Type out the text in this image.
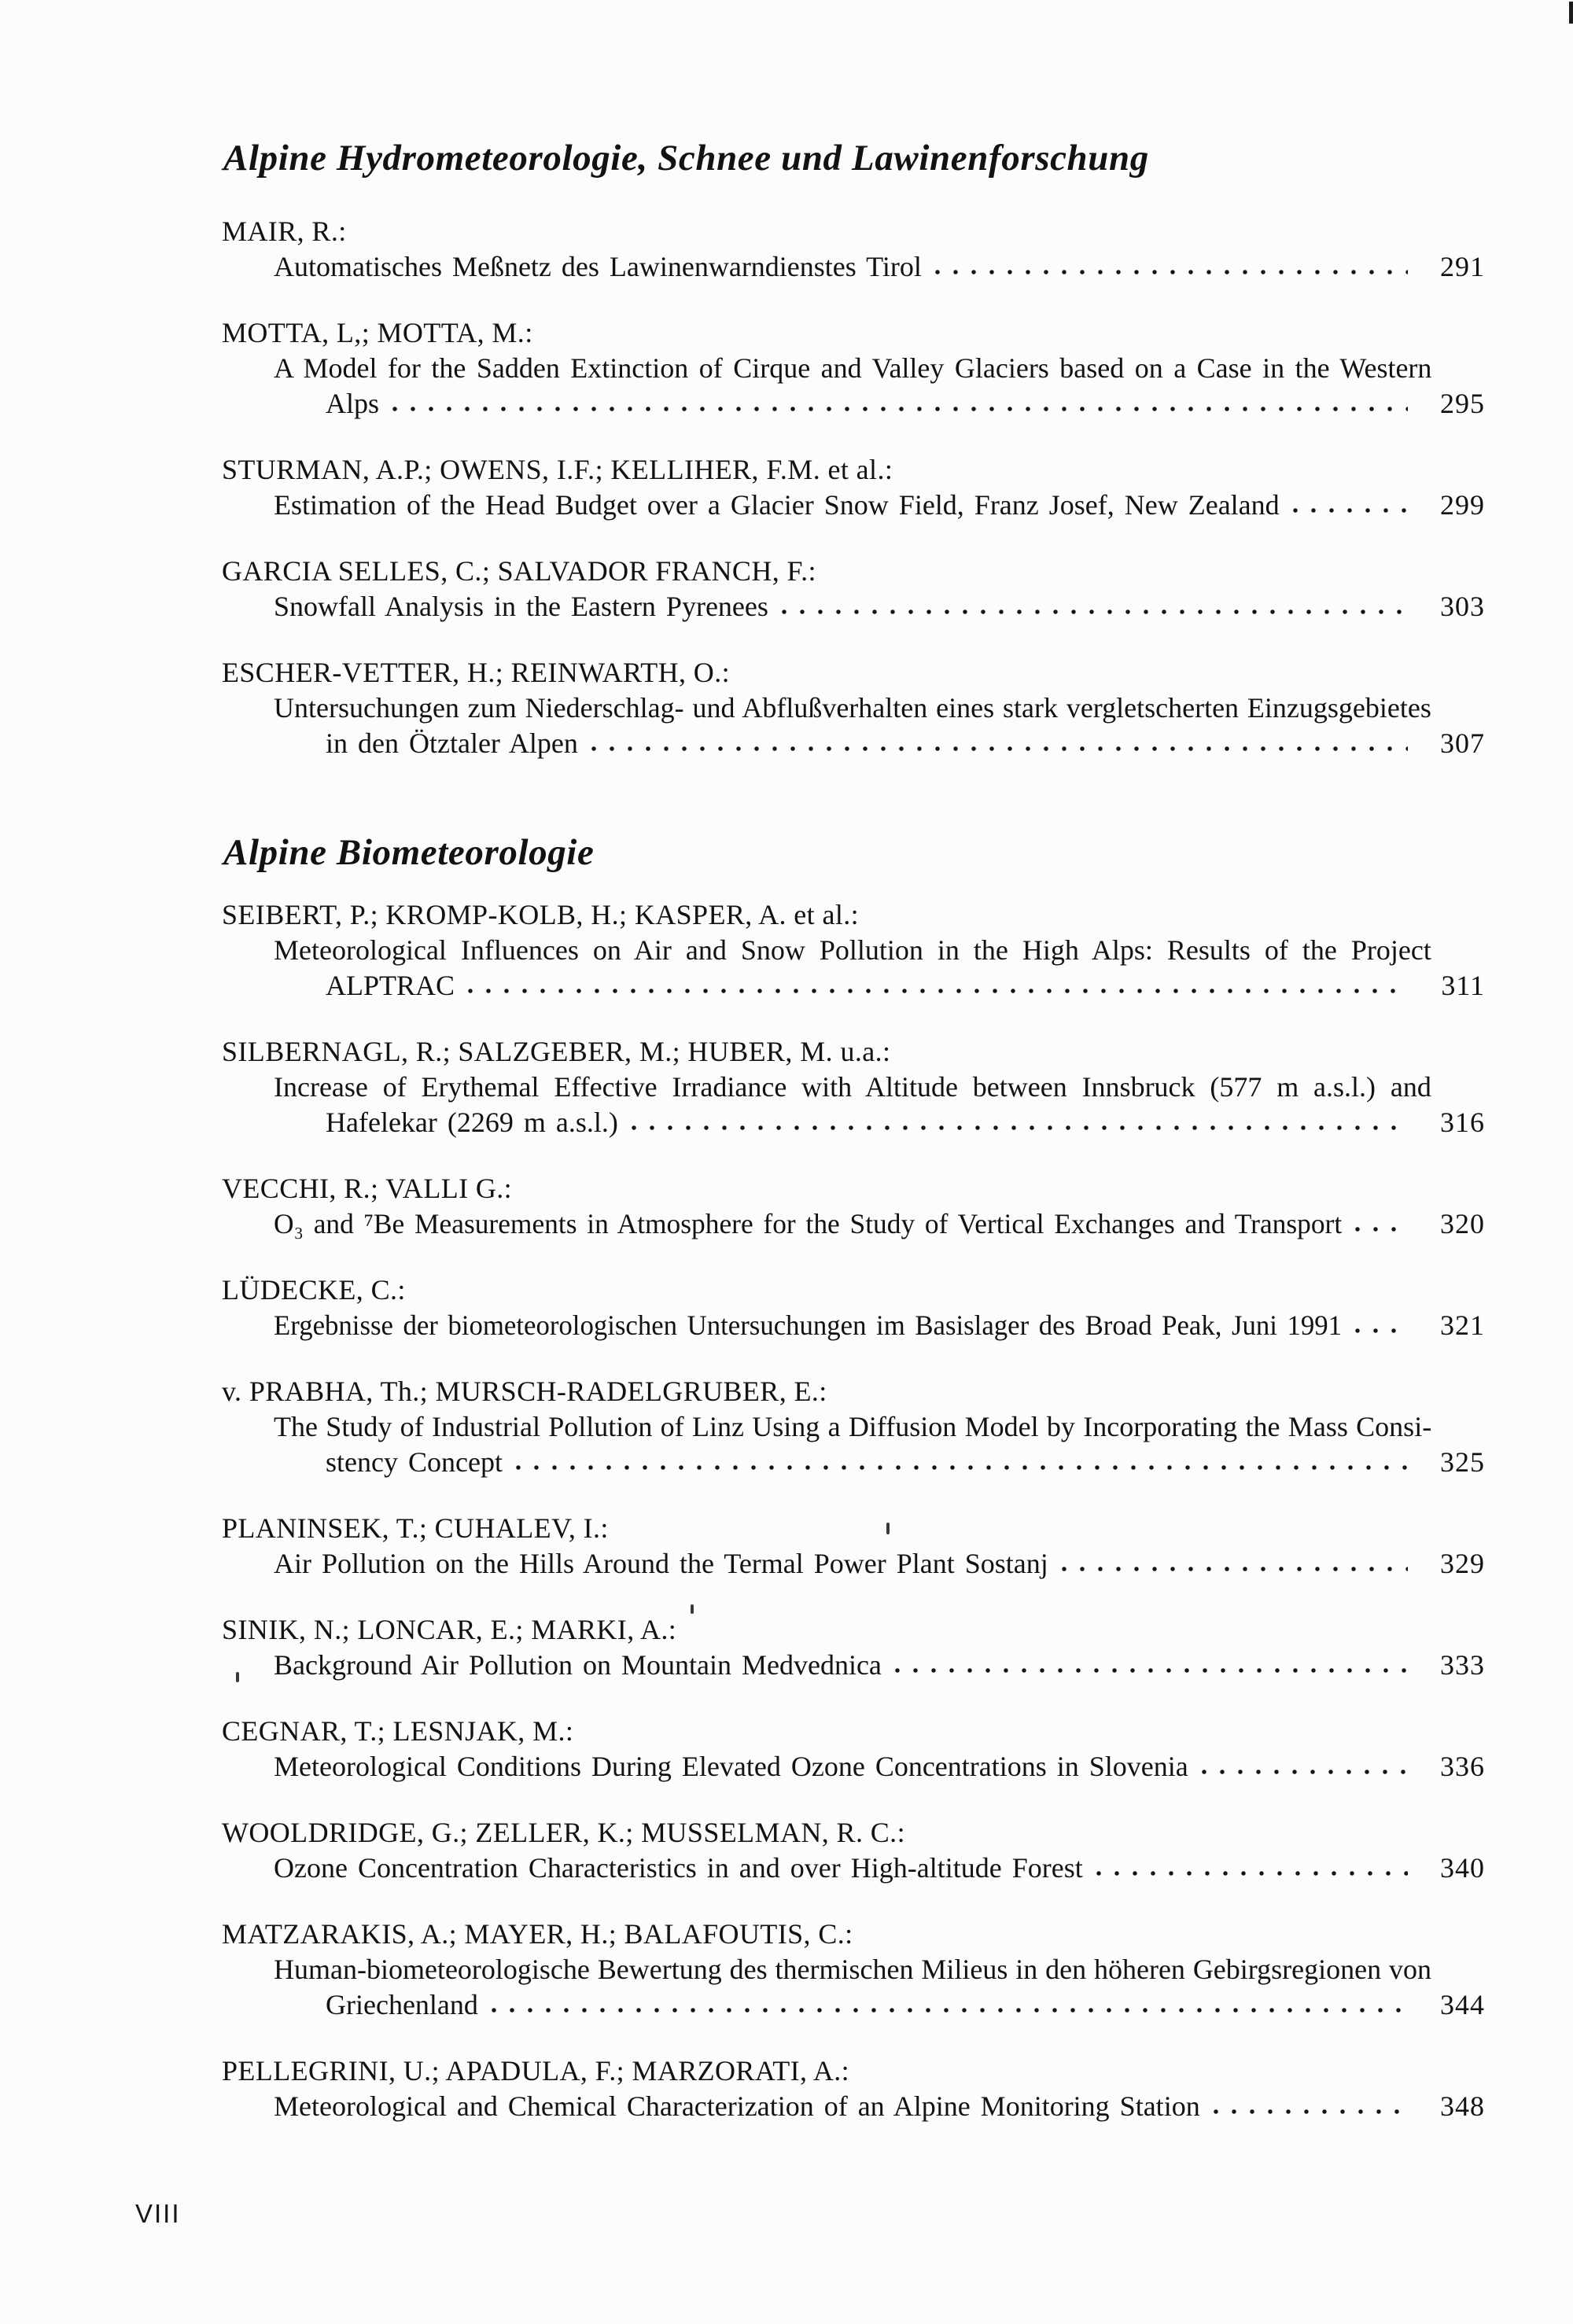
Alpine Hydrometeorologie, Schnee und Lawinenforschung
MAIR, R.:
Automatisches Meßnetz des Lawinenwarndienstes Tirol	291
MOTTA, L,; MOTTA, M.:
A Model for the Sadden Extinction of Cirque and Valley Glaciers based on a Case in the Western
Alps	295
STURMAN, A.P.; OWENS, I.F.; KELLIHER, F.M. et al.:
Estimation of the Head Budget over a Glacier Snow Field, Franz Josef, New Zealand	299
GARCIA SELLES, C.; SALVADOR FRANCH, F.:
Snowfall Analysis in the Eastern Pyrenees	303
ESCHER-VETTER, H.; REINWARTH, O.:
Untersuchungen zum Niederschlag- und Abflußverhalten eines stark vergletscherten Einzugsgebietes
in den Ötztaler Alpen	307
Alpine Biometeorologie
SEIBERT, P.; KROMP-KOLB, H.; KASPER, A. et al.:
Meteorological Influences on Air and Snow Pollution in the High Alps: Results of the Project
ALPTRAC	311
SILBERNAGL, R.; SALZGEBER, M.; HUBER, M. u.a.:
Increase of Erythemal Effective Irradiance with Altitude between Innsbruck (577 m a.s.l.) and
Hafelekar (2269 m a.s.l.)	316
VECCHI, R.; VALLI G.:
O₃ and ⁷Be Measurements in Atmosphere for the Study of Vertical Exchanges and Transport	320
LÜDECKE, C.:
Ergebnisse der biometeorologischen Untersuchungen im Basislager des Broad Peak, Juni 1991	321
v. PRABHA, Th.; MURSCH-RADELGRUBER, E.:
The Study of Industrial Pollution of Linz Using a Diffusion Model by Incorporating the Mass Consi-
stency Concept	325
PLANINSEK, T.; CUHALEV, I.:
Air Pollution on the Hills Around the Termal Power Plant Sostanj	329
SINIK, N.; LONCAR, E.; MARKI, A.:
Background Air Pollution on Mountain Medvednica	333
CEGNAR, T.; LESNJAK, M.:
Meteorological Conditions During Elevated Ozone Concentrations in Slovenia	336
WOOLDRIDGE, G.; ZELLER, K.; MUSSELMAN, R. C.:
Ozone Concentration Characteristics in and over High-altitude Forest	340
MATZARAKIS, A.; MAYER, H.; BALAFOUTIS, C.:
Human-biometeorologische Bewertung des thermischen Milieus in den höheren Gebirgsregionen von
Griechenland	344
PELLEGRINI, U.; APADULA, F.; MARZORATI, A.:
Meteorological and Chemical Characterization of an Alpine Monitoring Station	348
VIII
